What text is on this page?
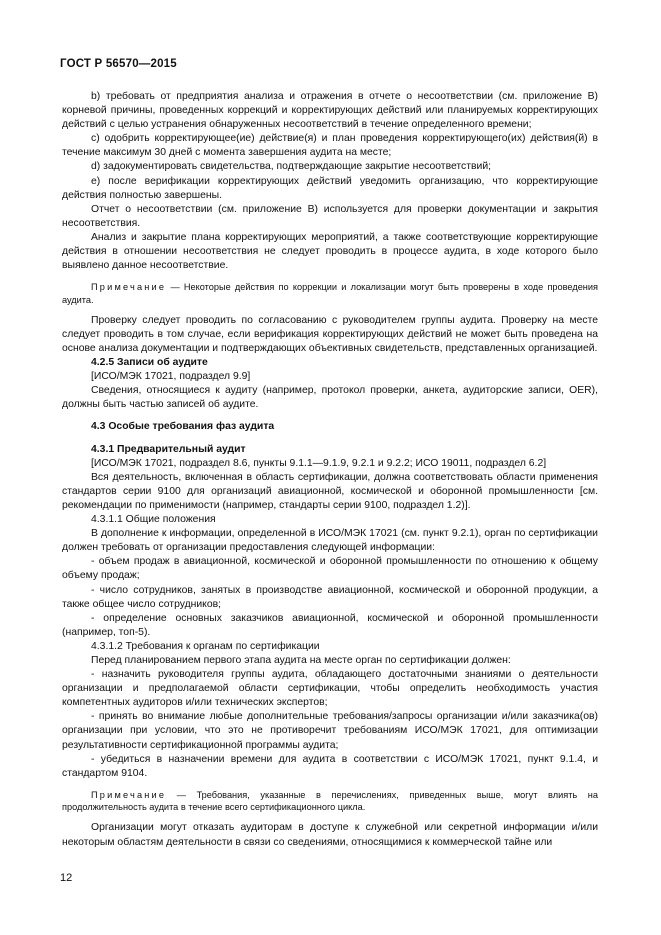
ГОСТ Р 56570—2015

b) требовать от предприятия анализа и отражения в отчете о несоответствии (см. приложение В) корневой причины, проведенных коррекций и корректирующих действий или планируемых корректирующих действий с целью устранения обнаруженных несоответствий в течение определенного времени;

c) одобрить корректирующее(ие) действие(я) и план проведения корректирующего(их) действия(й) в течение максимум 30 дней с момента завершения аудита на месте;

d) задокументировать свидетельства, подтверждающие закрытие несоответствий;

e) после верификации корректирующих действий уведомить организацию, что корректирующие действия полностью завершены.

Отчет о несоответствии (см. приложение В) используется для проверки документации и закрытия несоответствия.

Анализ и закрытие плана корректирующих мероприятий, а также соответствующие корректирующие действия в отношении несоответствия не следует проводить в процессе аудита, в ходе которого было выявлено данное несоответствие.

Примечание — Некоторые действия по коррекции и локализации могут быть проверены в ходе проведения аудита.

Проверку следует проводить по согласованию с руководителем группы аудита. Проверку на месте следует проводить в том случае, если верификация корректирующих действий не может быть проведена на основе анализа документации и подтверждающих объективных свидетельств, представленных организацией.

4.2.5 Записи об аудите

[ИСО/МЭК 17021, подраздел 9.9]

Сведения, относящиеся к аудиту (например, протокол проверки, анкета, аудиторские записи, OER), должны быть частью записей об аудите.

4.3 Особые требования фаз аудита

4.3.1 Предварительный аудит

[ИСО/МЭК 17021, подраздел 8.6, пункты 9.1.1—9.1.9, 9.2.1 и 9.2.2; ИСО 19011, подраздел 6.2]

Вся деятельность, включенная в область сертификации, должна соответствовать области применения стандартов серии 9100 для организаций авиационной, космической и оборонной промышленности [см. рекомендации по применимости (например, стандарты серии 9100, подраздел 1.2)].

4.3.1.1 Общие положения

В дополнение к информации, определенной в ИСО/МЭК 17021 (см. пункт 9.2.1), орган по сертификации должен требовать от организации предоставления следующей информации:

- объем продаж в авиационной, космической и оборонной промышленности по отношению к общему объему продаж;

- число сотрудников, занятых в производстве авиационной, космической и оборонной продукции, а также общее число сотрудников;

- определение основных заказчиков авиационной, космической и оборонной промышленности (например, топ-5).

4.3.1.2 Требования к органам по сертификации

Перед планированием первого этапа аудита на месте орган по сертификации должен:

- назначить руководителя группы аудита, обладающего достаточными знаниями о деятельности организации и предполагаемой области сертификации, чтобы определить необходимость участия компетентных аудиторов и/или технических экспертов;

- принять во внимание любые дополнительные требования/запросы организации и/или заказчика(ов) организации при условии, что это не противоречит требованиям ИСО/МЭК 17021, для оптимизации результативности сертификационной программы аудита;

- убедиться в назначении времени для аудита в соответствии с ИСО/МЭК 17021, пункт 9.1.4, и стандартом 9104.

Примечание — Требования, указанные в перечислениях, приведенных выше, могут влиять на продолжительность аудита в течение всего сертификационного цикла.

Организации могут отказать аудиторам в доступе к служебной или секретной информации и/или некоторым областям деятельности в связи со сведениями, относящимися к коммерческой тайне или

12
